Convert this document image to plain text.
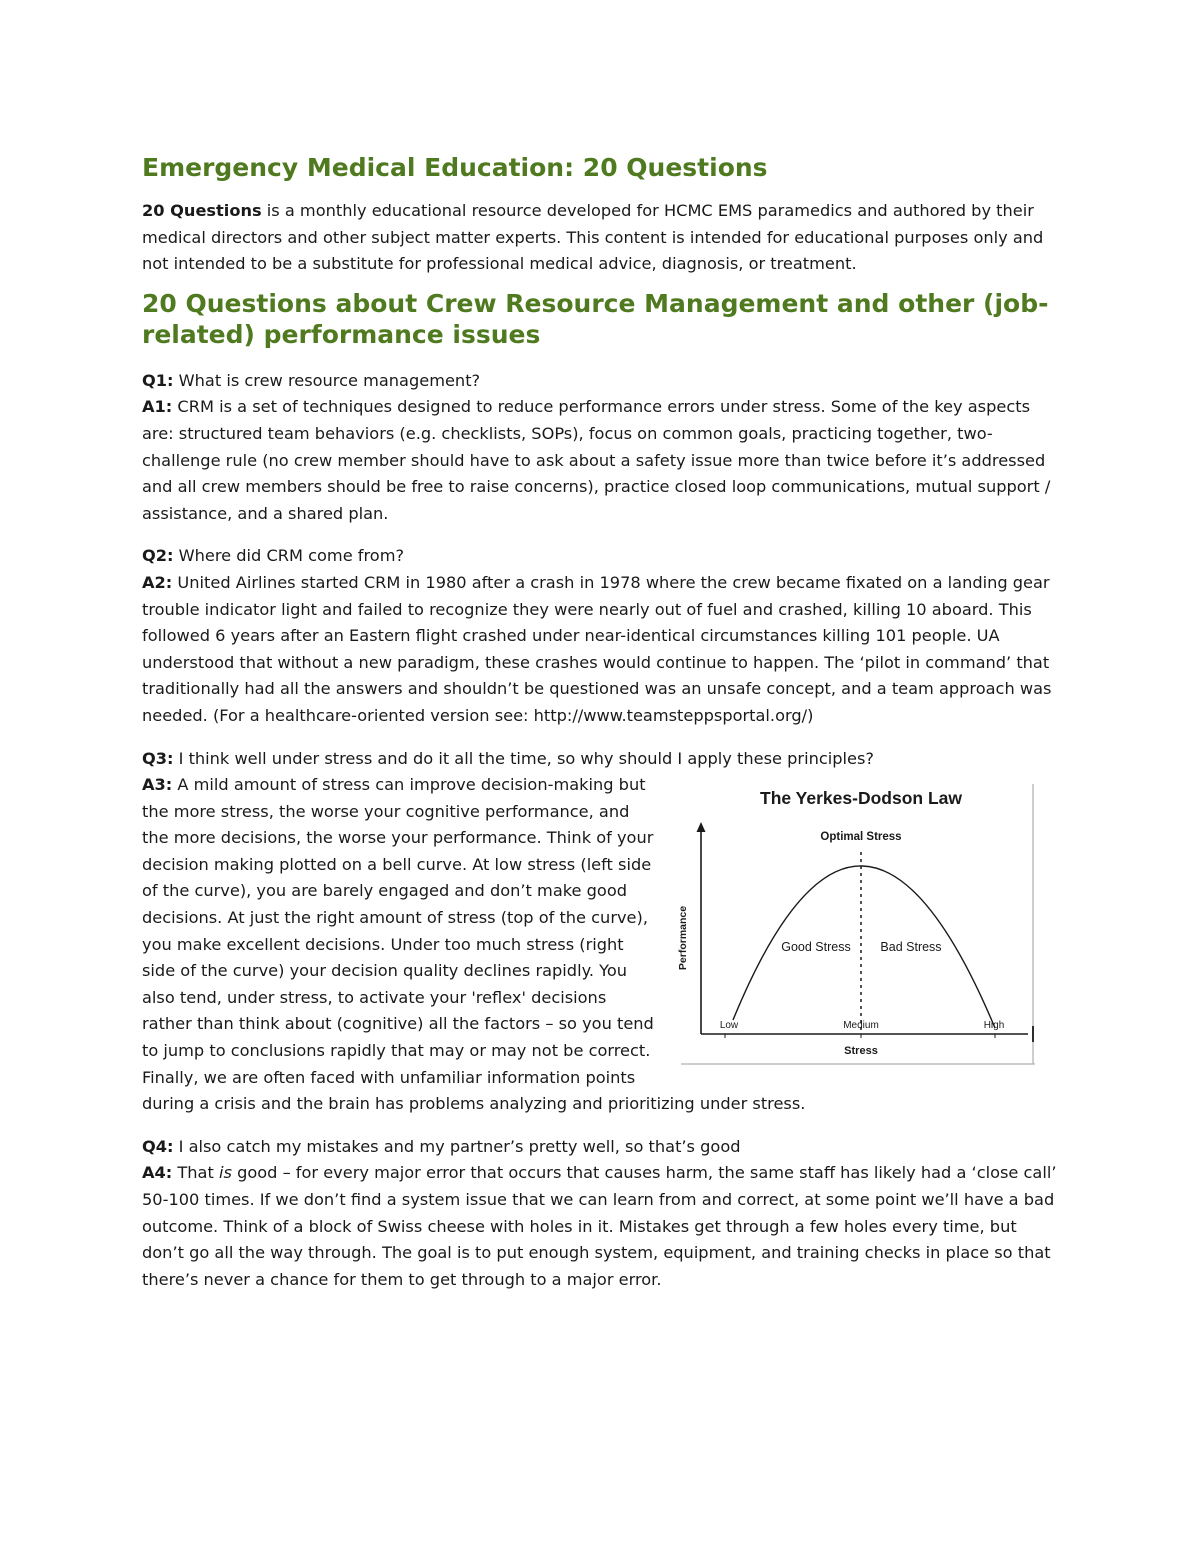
Emergency Medical Education: 20 Questions

20 Questions is a monthly educational resource developed for HCMC EMS paramedics and authored by their medical directors and other subject matter experts. This content is intended for educational purposes only and not intended to be a substitute for professional medical advice, diagnosis, or treatment.

20 Questions about Crew Resource Management and other (job-related) performance issues

Q1: What is crew resource management?
A1: CRM is a set of techniques designed to reduce performance errors under stress. Some of the key aspects are: structured team behaviors (e.g. checklists, SOPs), focus on common goals, practicing together, two-challenge rule (no crew member should have to ask about a safety issue more than twice before it’s addressed and all crew members should be free to raise concerns), practice closed loop communications, mutual support / assistance, and a shared plan.

Q2: Where did CRM come from?
A2: United Airlines started CRM in 1980 after a crash in 1978 where the crew became fixated on a landing gear trouble indicator light and failed to recognize they were nearly out of fuel and crashed, killing 10 aboard. This followed 6 years after an Eastern flight crashed under near-identical circumstances killing 101 people. UA understood that without a new paradigm, these crashes would continue to happen. The ‘pilot in command’ that traditionally had all the answers and shouldn’t be questioned was an unsafe concept, and a team approach was needed. (For a healthcare-oriented version see: http://www.teamsteppsportal.org/)

Q3: I think well under stress and do it all the time, so why should I apply these principles?

The Yerkes-Dodson Law
Optimal Stress
Good Stress Bad Stress
Performance
Low	Medium	High
Stress

A3: A mild amount of stress can improve decision-making but the more stress, the worse your cognitive performance, and the more decisions, the worse your performance. Think of your decision making plotted on a bell curve. At low stress (left side of the curve), you are barely engaged and don’t make good decisions. At just the right amount of stress (top of the curve), you make excellent decisions. Under too much stress (right side of the curve) your decision quality declines rapidly. You also tend, under stress, to activate your 'reflex' decisions rather than think about (cognitive) all the factors – so you tend to jump to conclusions rapidly that may or may not be correct. Finally, we are often faced with unfamiliar information points during a crisis and the brain has problems analyzing and prioritizing under stress.

Q4: I also catch my mistakes and my partner’s pretty well, so that’s good
A4: That is good – for every major error that occurs that causes harm, the same staff has likely had a ‘close call’ 50-100 times. If we don’t find a system issue that we can learn from and correct, at some point we’ll have a bad outcome. Think of a block of Swiss cheese with holes in it. Mistakes get through a few holes every time, but don’t go all the way through. The goal is to put enough system, equipment, and training checks in place so that there’s never a chance for them to get through to a major error.
